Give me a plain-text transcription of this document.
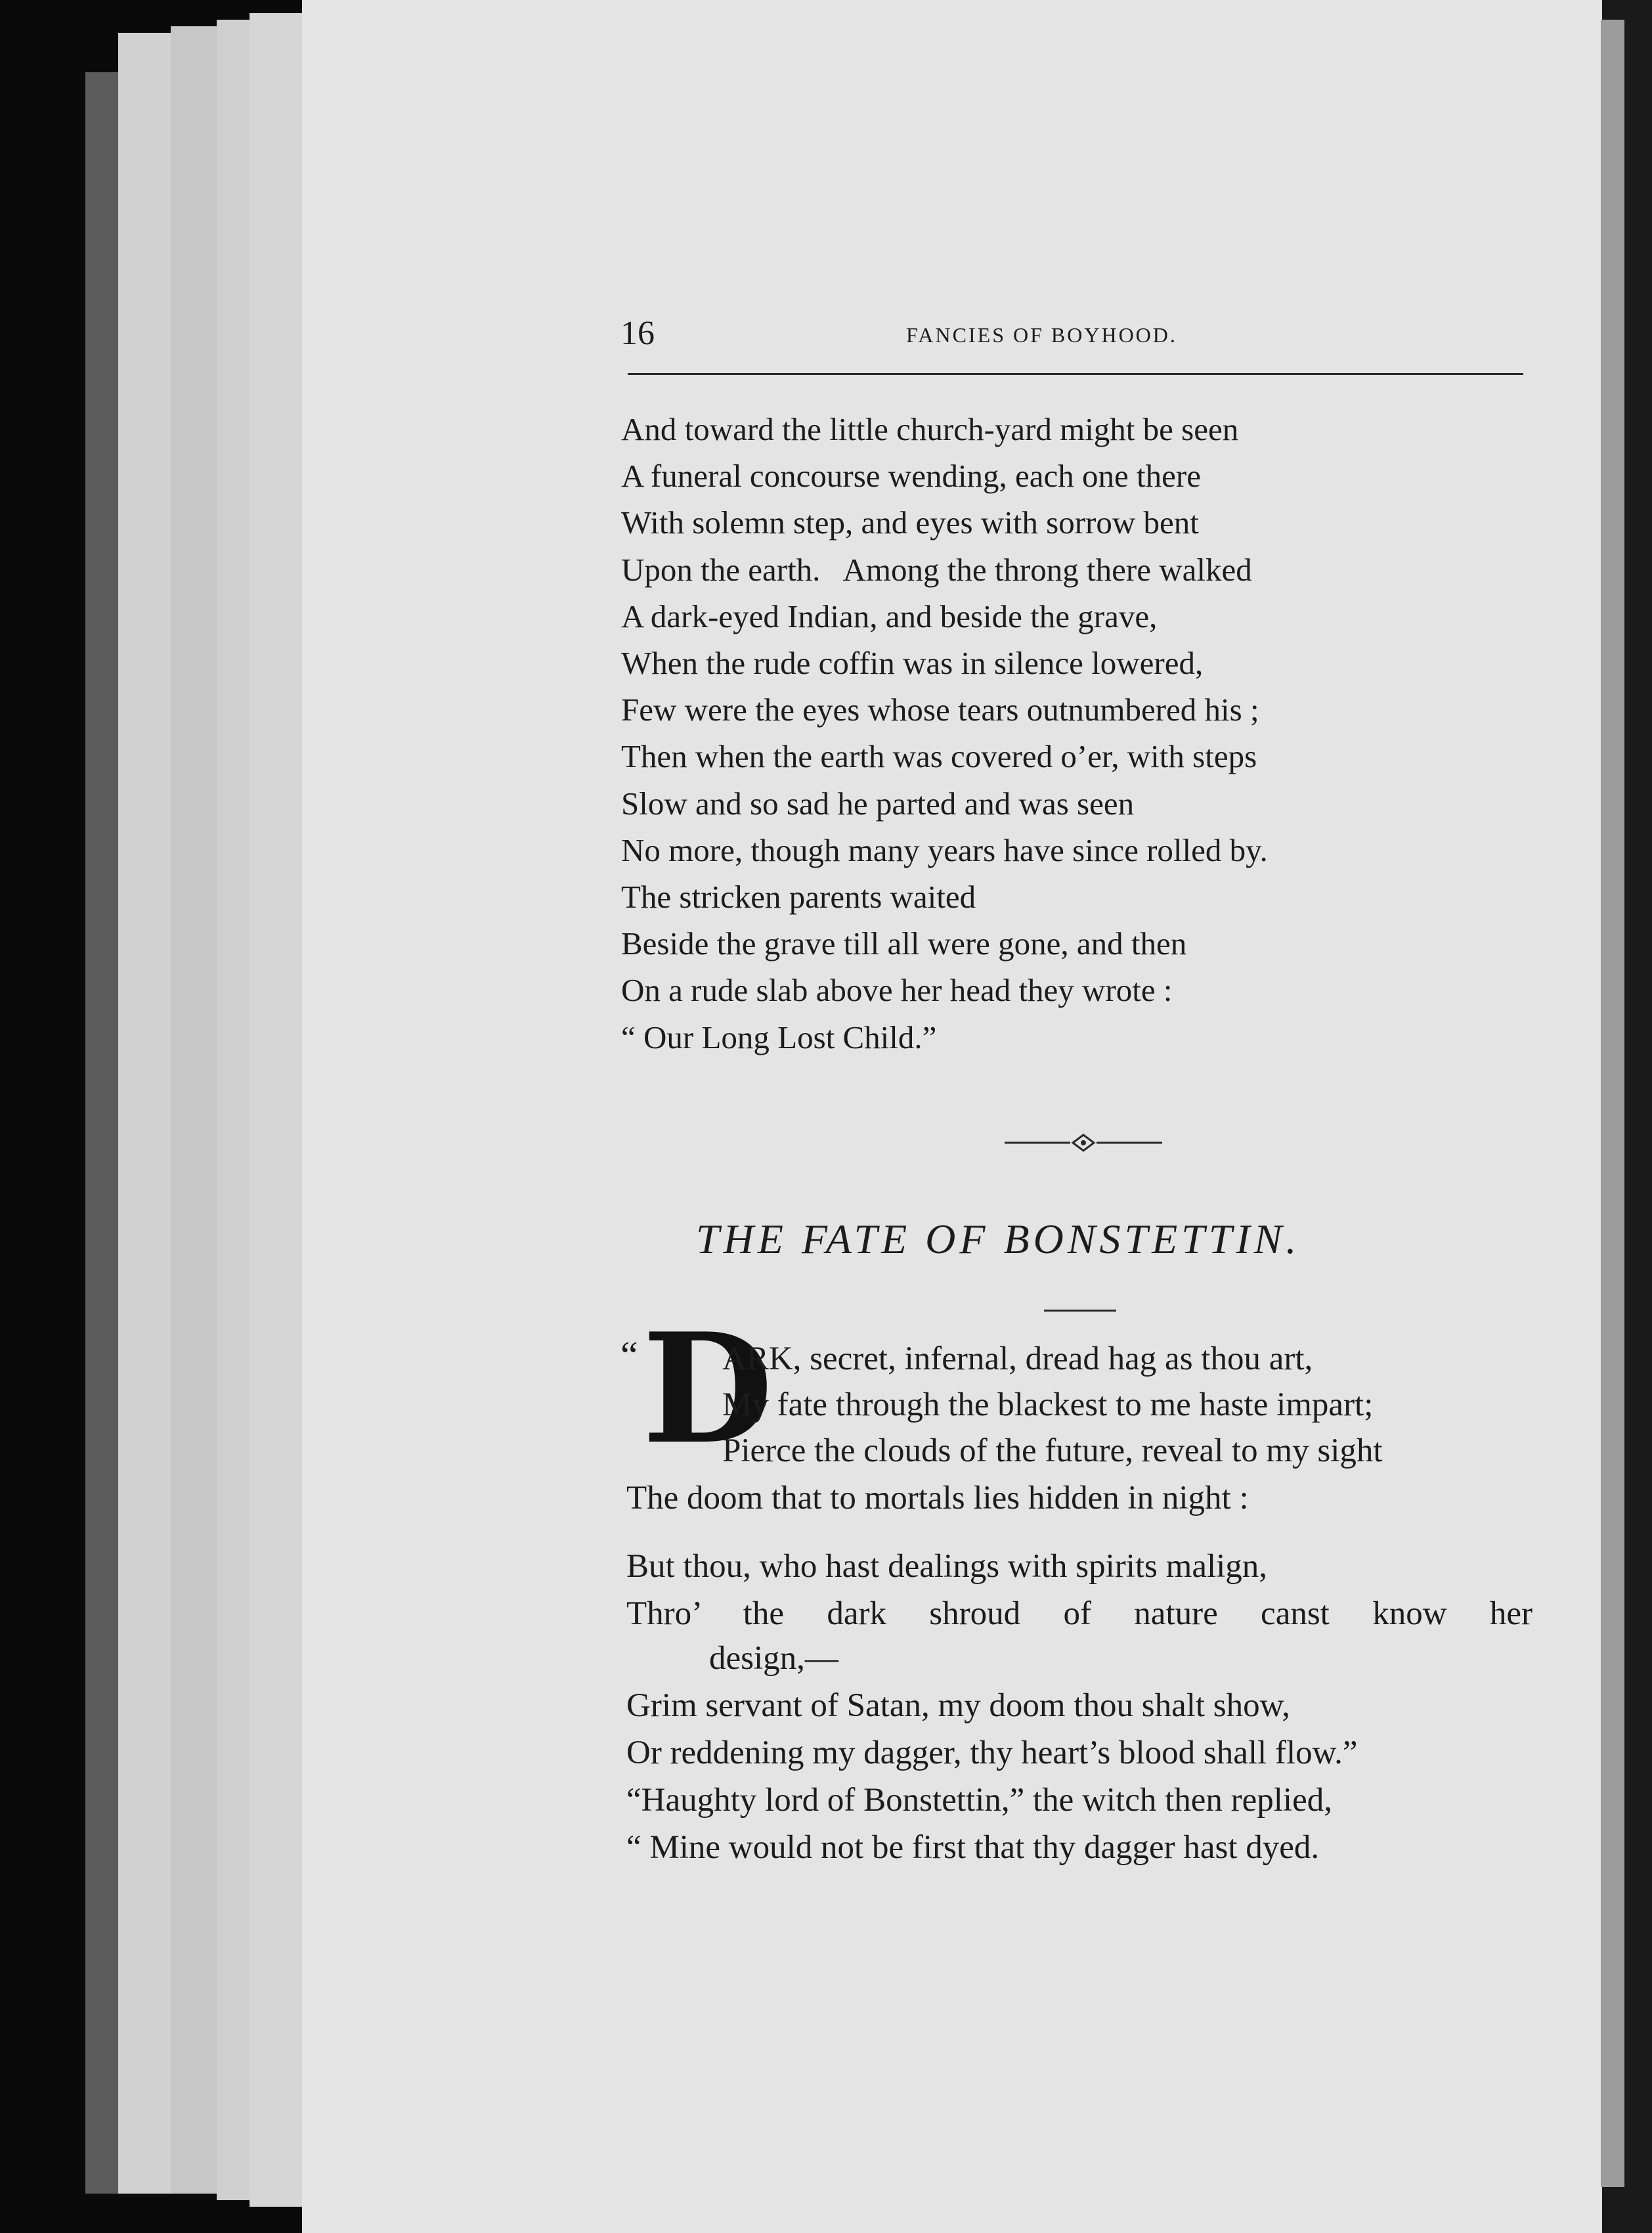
16	FANCIES OF BOYHOOD.
And toward the little church-yard might be seen
A funeral concourse wending, each one there
With solemn step, and eyes with sorrow bent
Upon the earth.   Among the throng there walked
A dark-eyed Indian, and beside the grave,
When the rude coffin was in silence lowered,
Few were the eyes whose tears outnumbered his ;
Then when the earth was covered o’er, with steps
Slow and so sad he parted and was seen
No more, though many years have since rolled by.
The stricken parents waited
Beside the grave till all were gone, and then
On a rude slab above her head they wrote :
“ Our Long Lost Child.”
THE FATE OF BONSTETTIN.
“ D
ARK, secret, infernal, dread hag as thou art,
My fate through the blackest to me haste impart;
Pierce the clouds of the future, reveal to my sight
The doom that to mortals lies hidden in night :
But thou, who hast dealings with spirits malign,
Thro’ the dark shroud of nature canst know her
design,—
Grim servant of Satan, my doom thou shalt show,
Or reddening my dagger, thy heart’s blood shall flow.”
“Haughty lord of Bonstettin,” the witch then replied,
“ Mine would not be first that thy dagger hast dyed.
